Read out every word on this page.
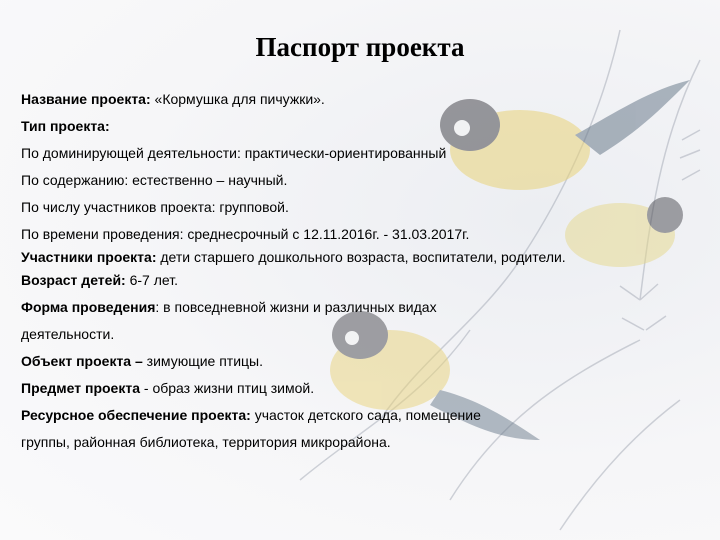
Паспорт проекта
Название проекта: «Кормушка для пичужки».
Тип проекта:
По доминирующей деятельности: практически-ориентированный
По содержанию: естественно – научный.
По числу участников проекта: групповой.
По времени проведения: среднесрочный с 12.11.2016г. - 31.03.2017г.
Участники проекта: дети старшего дошкольного возраста, воспитатели, родители.
Возраст детей: 6-7 лет.
Форма проведения: в повседневной жизни и различных видах
деятельности.
Объект проекта – зимующие птицы.
Предмет проекта - образ жизни птиц зимой.
Ресурсное обеспечение проекта: участок детского сада, помещение
группы, районная библиотека, территория микрорайона.
